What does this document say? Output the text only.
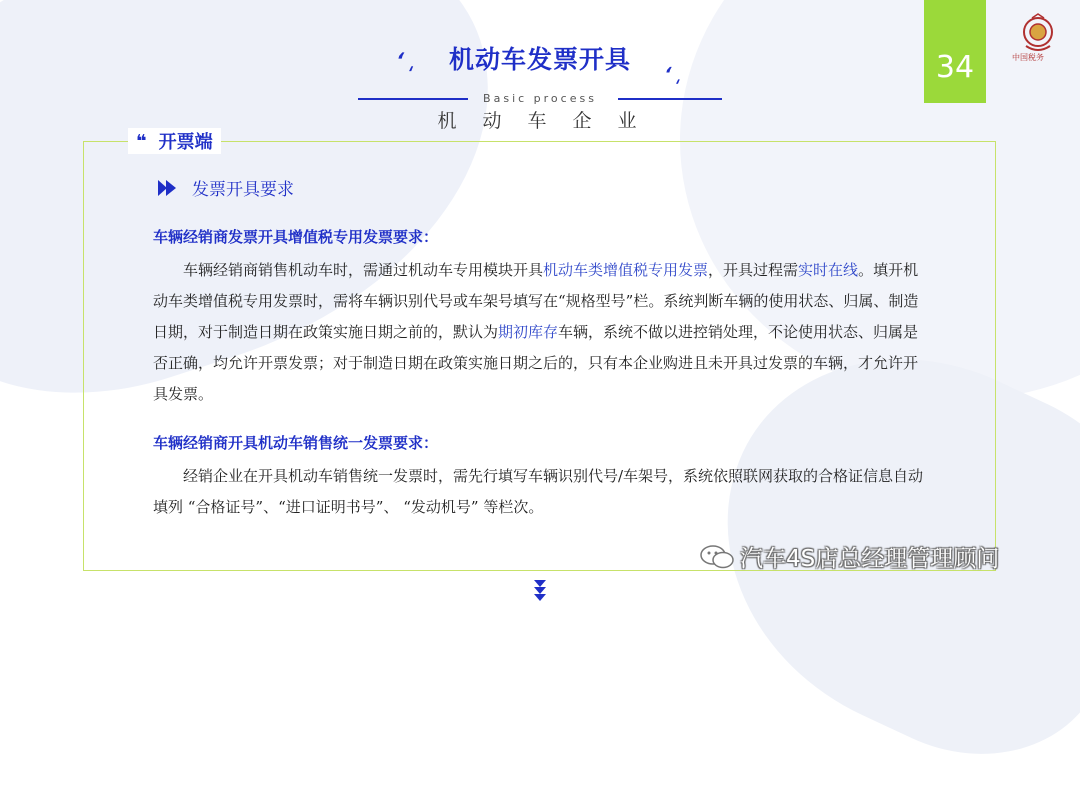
ʻ ͵	机动车发票开具
ʻ ͵
Basic process
机动车企业
34	中国税务
❝ 开票端
发票开具要求
车辆经销商发票开具增值税专用发票要求：
　　车辆经销商销售机动车时，需通过机动车专用模块开具机动车类增值税专用发票，开具过程需实时在线。填开机动车类增值税专用发票时，需将车辆识别代号或车架号填写在“规格型号”栏。系统判断车辆的使用状态、归属、制造日期，对于制造日期在政策实施日期之前的，默认为期初库存车辆，系统不做以进控销处理，不论使用状态、归属是否正确，均允许开票发票；对于制造日期在政策实施日期之后的，只有本企业购进且未开具过发票的车辆，才允许开具发票。
车辆经销商开具机动车销售统一发票要求：
　　经销企业在开具机动车销售统一发票时，需先行填写车辆识别代号/车架号，系统依照联网获取的合格证信息自动填列 “合格证号”、“进口证明书号”、 “发动机号” 等栏次。
汽车4S店总经理管理顾问
